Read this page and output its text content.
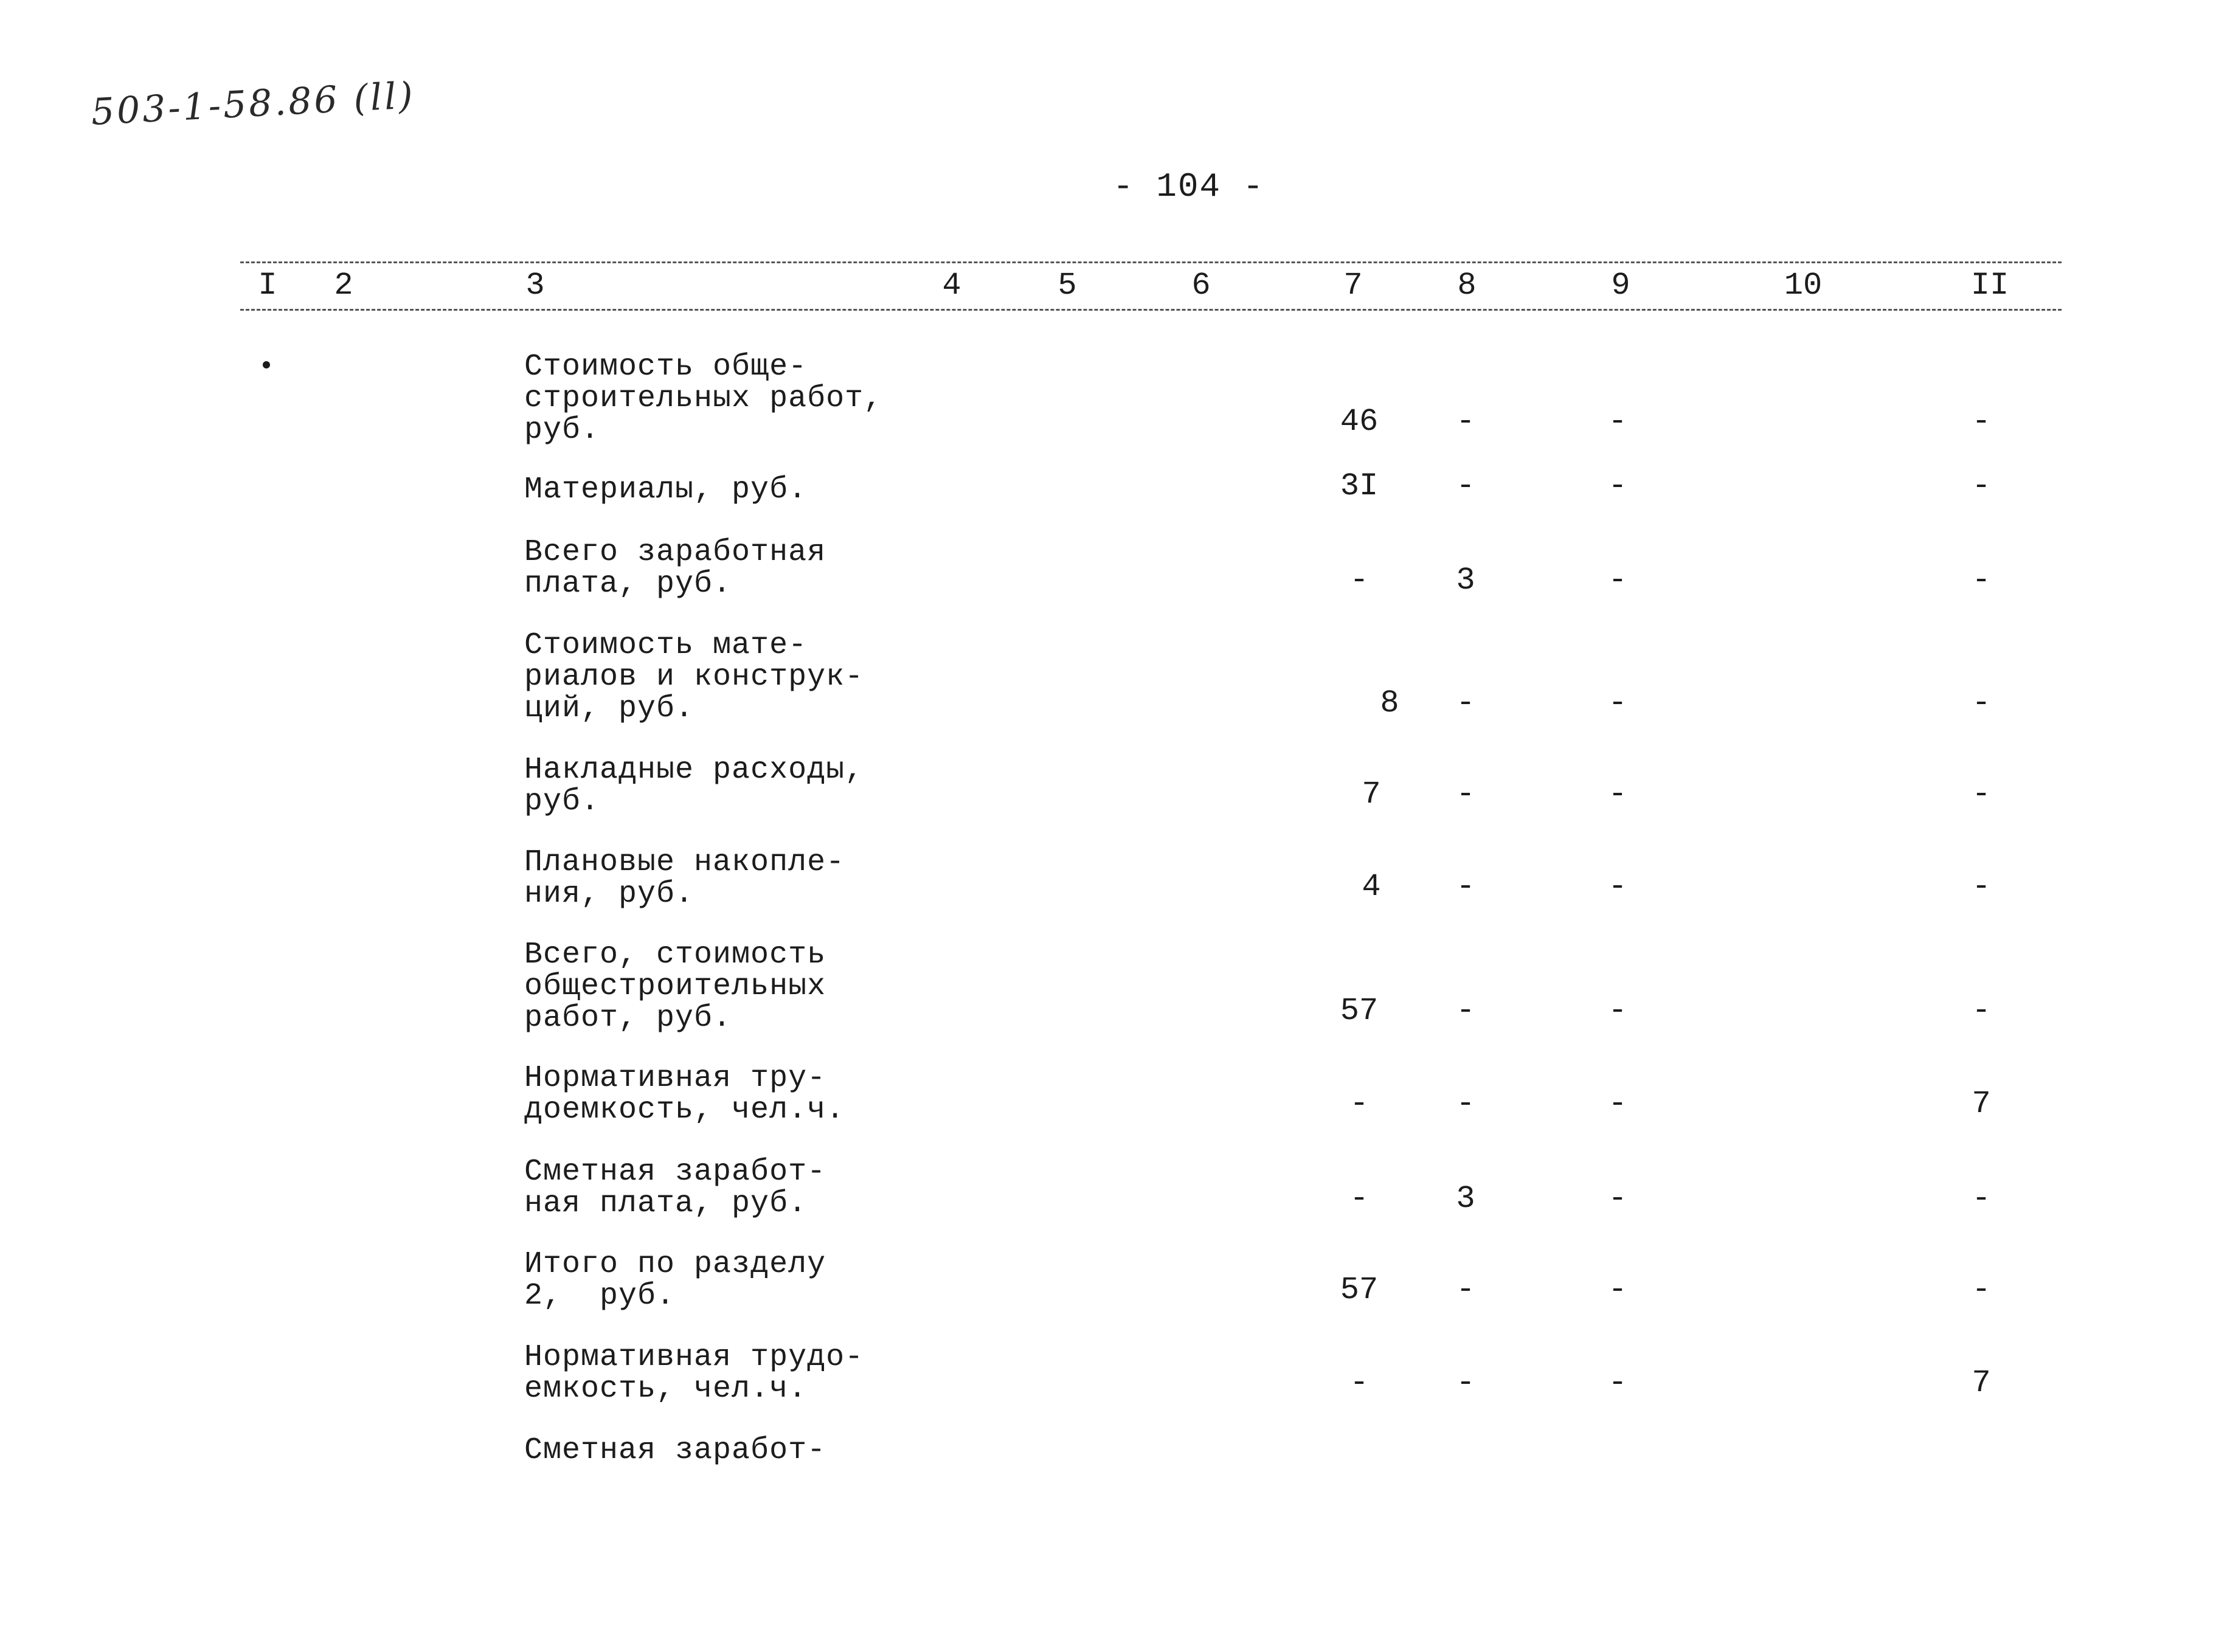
503-1-58.86 (ll)
- 104 -
I	2	3	4	5	6	7	8	9	10	II
Стоимость обще-
строительных работ,
руб.	46	-	-	-
Материалы, руб.	3I	-	-	-
Всего заработная
плата, руб.	-	3	-	-
Стоимость мате-
риалов и конструк-
ций, руб.	8	-	-	-
Накладные расходы,
руб.	7	-	-	-
Плановые накопле-
ния, руб.	4	-	-	-
Всего, стоимость
общестроительных
работ, руб.	57	-	-	-
Нормативная тру-
доемкость, чел.ч.	-	-	-	7
Сметная заработ-
ная плата, руб.	-	3	-	-
Итого по разделу
2,  руб.	57	-	-	-
Нормативная трудо-
емкость, чел.ч.	-	-	-	7
Сметная заработ-
